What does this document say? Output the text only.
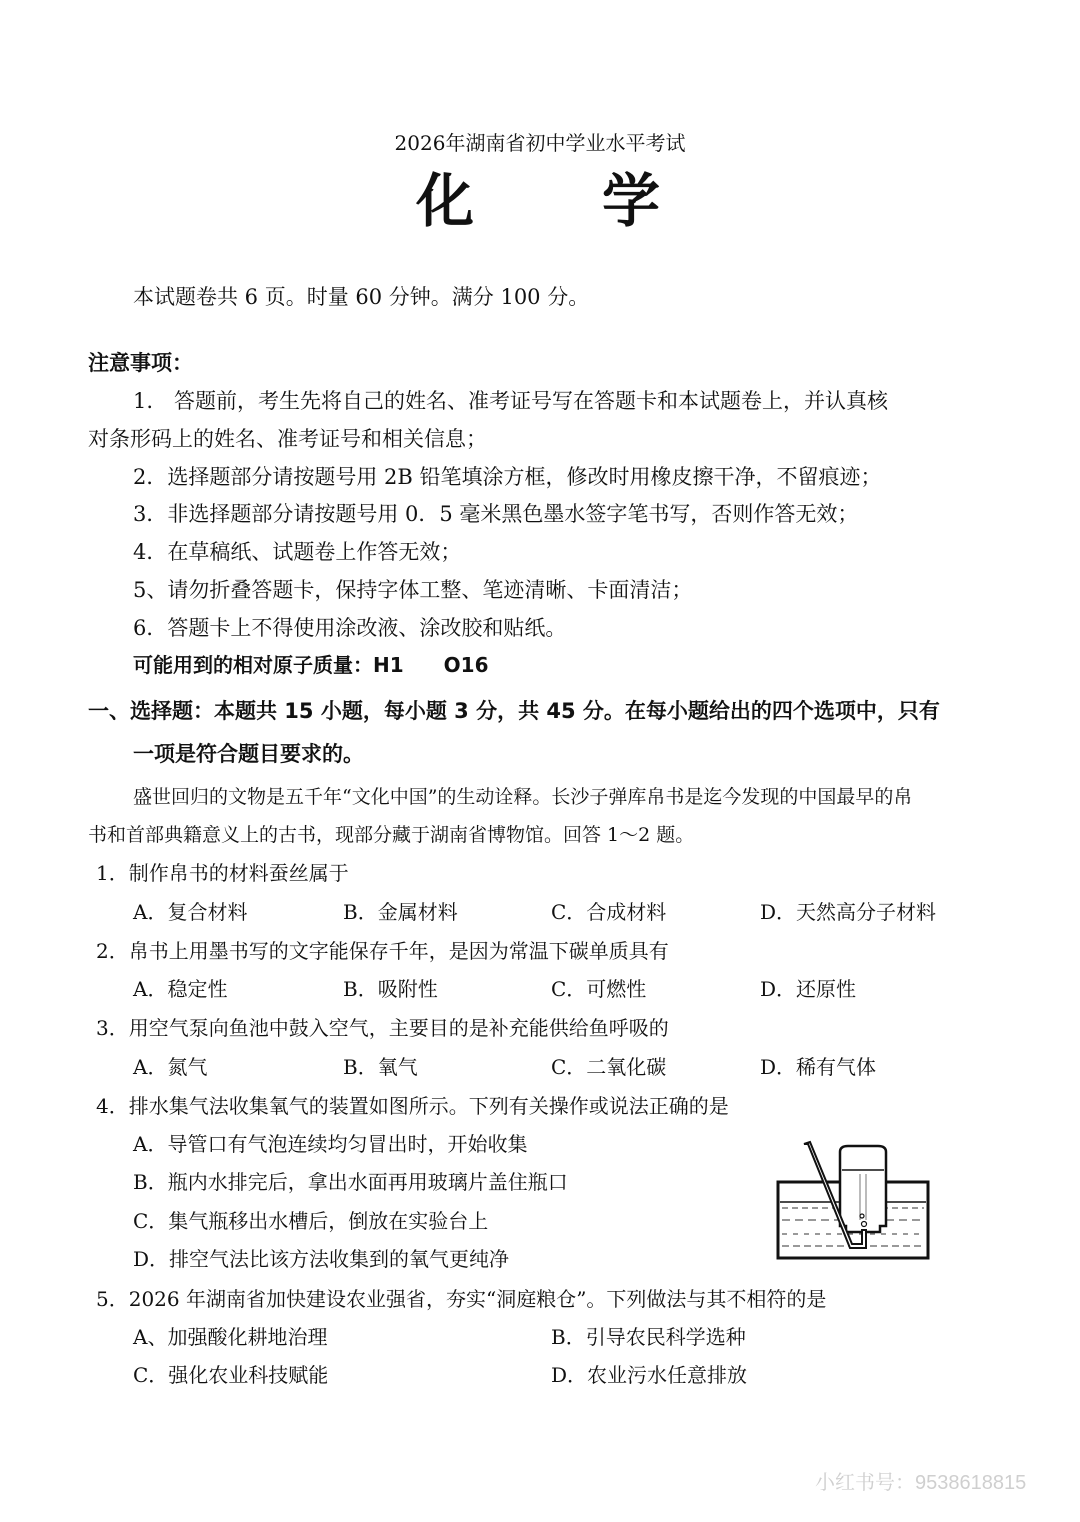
2026年湖南省初中学业水平考试
化　　学
本试题卷共 6 页。时量 60 分钟。满分 100 分。
注意事项：
1.　答题前，考生先将自己的姓名、准考证号写在答题卡和本试题卷上，并认真核
对条形码上的姓名、准考证号和相关信息；
2．选择题部分请按题号用 2B 铅笔填涂方框，修改时用橡皮擦干净，不留痕迹；
3．非选择题部分请按题号用 0．5 毫米黑色墨水签字笔书写，否则作答无效；
4．在草稿纸、试题卷上作答无效；
5、请勿折叠答题卡，保持字体工整、笔迹清晰、卡面清洁；
6．答题卡上不得使用涂改液、涂改胶和贴纸。
可能用到的相对原子质量：H1　　O16
一、选择题：本题共 15 小题，每小题 3 分，共 45 分。在每小题给出的四个选项中，只有
一项是符合题目要求的。
盛世回归的文物是五千年“文化中国”的生动诠释。长沙子弹库帛书是迄今发现的中国最早的帛
书和首部典籍意义上的古书，现部分藏于湖南省博物馆。回答 1～2 题。
1．制作帛书的材料蚕丝属于
A．复合材料	B．金属材料	C．合成材料	D．天然高分子材料
2．帛书上用墨书写的文字能保存千年，是因为常温下碳单质具有
A．稳定性	B．吸附性	C．可燃性	D．还原性
3．用空气泵向鱼池中鼓入空气，主要目的是补充能供给鱼呼吸的
A．氮气	B．氧气	C．二氧化碳	D．稀有气体
4．排水集气法收集氧气的装置如图所示。下列有关操作或说法正确的是
A．导管口有气泡连续均匀冒出时，开始收集
B．瓶内水排完后，拿出水面再用玻璃片盖住瓶口
C．集气瓶移出水槽后，倒放在实验台上
D．排空气法比该方法收集到的氧气更纯净
5．2026 年湖南省加快建设农业强省，夯实“洞庭粮仓”。下列做法与其不相符的是
A、加强酸化耕地治理	B．引导农民科学选种
C．强化农业科技赋能	D．农业污水任意排放
小红书号：9538618815
